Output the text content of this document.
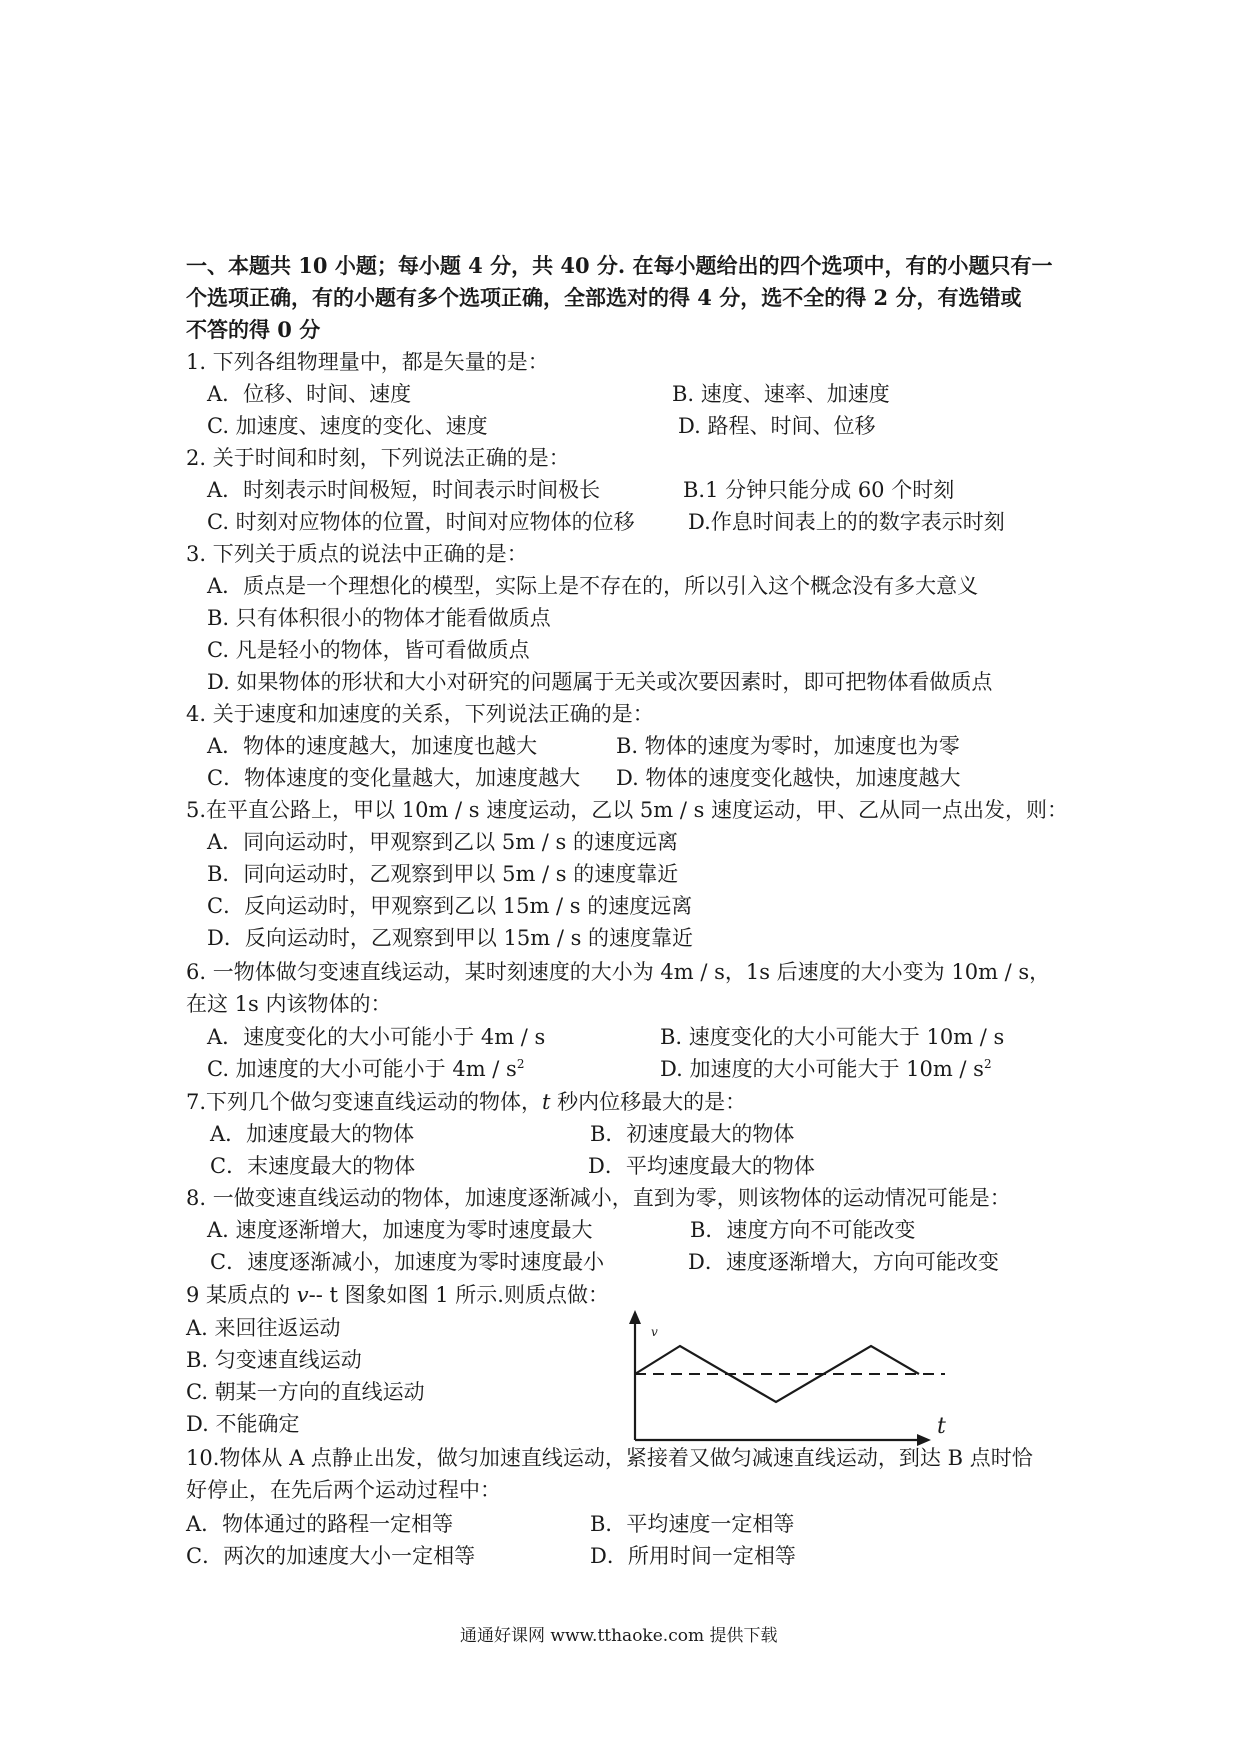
一、本题共 10 小题；每小题 4 分，共 40 分. 在每小题给出的四个选项中，有的小题只有一
个选项正确，有的小题有多个选项正确，全部选对的得 4 分，选不全的得 2 分，有选错或
不答的得 0 分
1. 下列各组物理量中，都是矢量的是：
A．位移、时间、速度	B. 速度、速率、加速度
C. 加速度、速度的变化、速度	D. 路程、时间、位移
2. 关于时间和时刻，下列说法正确的是：
A．时刻表示时间极短，时间表示时间极长	B.1 分钟只能分成 60 个时刻
C. 时刻对应物体的位置，时间对应物体的位移	D.作息时间表上的的数字表示时刻
3. 下列关于质点的说法中正确的是：
A．质点是一个理想化的模型，实际上是不存在的，所以引入这个概念没有多大意义
B. 只有体积很小的物体才能看做质点
C. 凡是轻小的物体，皆可看做质点
D. 如果物体的形状和大小对研究的问题属于无关或次要因素时，即可把物体看做质点
4. 关于速度和加速度的关系，下列说法正确的是：
A．物体的速度越大，加速度也越大	B. 物体的速度为零时，加速度也为零
C．物体速度的变化量越大，加速度越大 D. 物体的速度变化越快，加速度越大
5.在平直公路上，甲以 10m / s 速度运动，乙以 5m / s 速度运动，甲、乙从同一点出发，则：
A．同向运动时，甲观察到乙以 5m / s 的速度远离
B．同向运动时，乙观察到甲以 5m / s 的速度靠近
C．反向运动时，甲观察到乙以 15m / s 的速度远离
D．反向运动时，乙观察到甲以 15m / s 的速度靠近
6. 一物体做匀变速直线运动，某时刻速度的大小为 4m / s，1s 后速度的大小变为 10m / s，
在这 1s 内该物体的：
A．速度变化的大小可能小于 4m / s	B. 速度变化的大小可能大于 10m / s
C. 加速度的大小可能小于 $4m / s^2$	D. 加速度的大小可能大于 $10m / s^2$
7.下列几个做匀变速直线运动的物体，t 秒内位移最大的是：
A．加速度最大的物体	B．初速度最大的物体
C．末速度最大的物体	D．平均速度最大的物体
8. 一做变速直线运动的物体，加速度逐渐减小，直到为零，则该物体的运动情况可能是：
A. 速度逐渐增大，加速度为零时速度最大	B．速度方向不可能改变
C．速度逐渐减小，加速度为零时速度最小	D．速度逐渐增大，方向可能改变
9 某质点的 v-- t 图象如图 1 所示.则质点做：
A. 来回往返运动
B. 匀变速直线运动
C. 朝某一方向的直线运动
D. 不能确定
v
t
10.物体从 A 点静止出发，做匀加速直线运动，紧接着又做匀减速直线运动，到达 B 点时恰
好停止，在先后两个运动过程中：
A．物体通过的路程一定相等	B．平均速度一定相等
C．两次的加速度大小一定相等	D．所用时间一定相等
通通好课网 www.tthaoke.com 提供下载
